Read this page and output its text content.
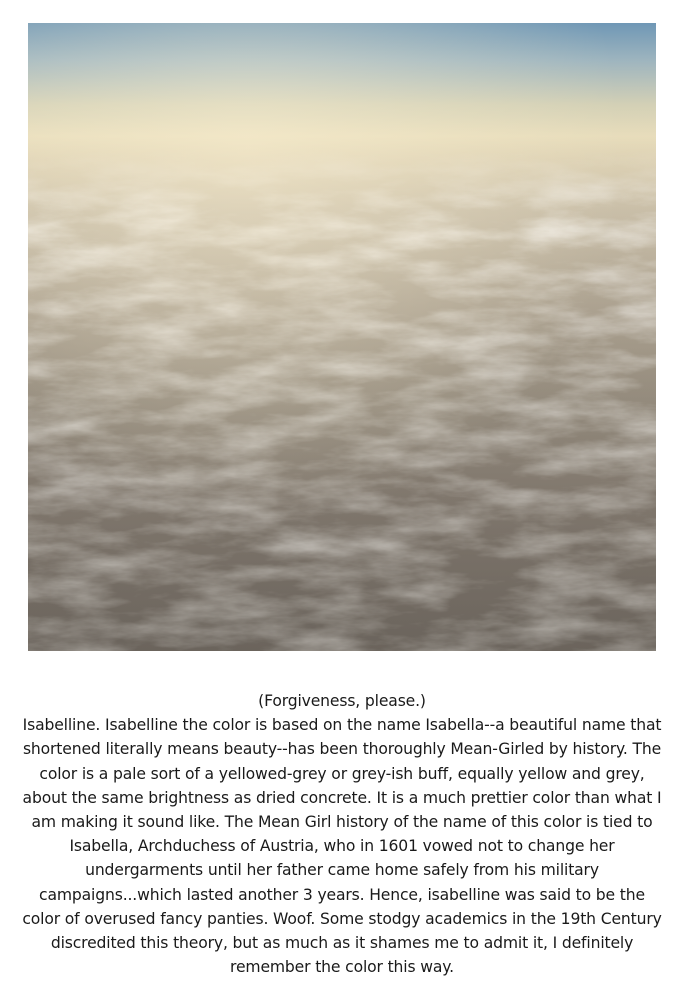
(Forgiveness, please.)

Isabelline. Isabelline the color is based on the name Isabella--a beautiful name that shortened literally means beauty--has been thoroughly Mean-Girled by history. The color is a pale sort of a yellowed-grey or grey-ish buff, equally yellow and grey, about the same brightness as dried concrete. It is a much prettier color than what I am making it sound like. The Mean Girl history of the name of this color is tied to Isabella, Archduchess of Austria, who in 1601 vowed not to change her undergarments until her father came home safely from his military campaigns...which lasted another 3 years. Hence, isabelline was said to be the color of overused fancy panties. Woof. Some stodgy academics in the 19th Century discredited this theory, but as much as it shames me to admit it, I definitely remember the color this way.
